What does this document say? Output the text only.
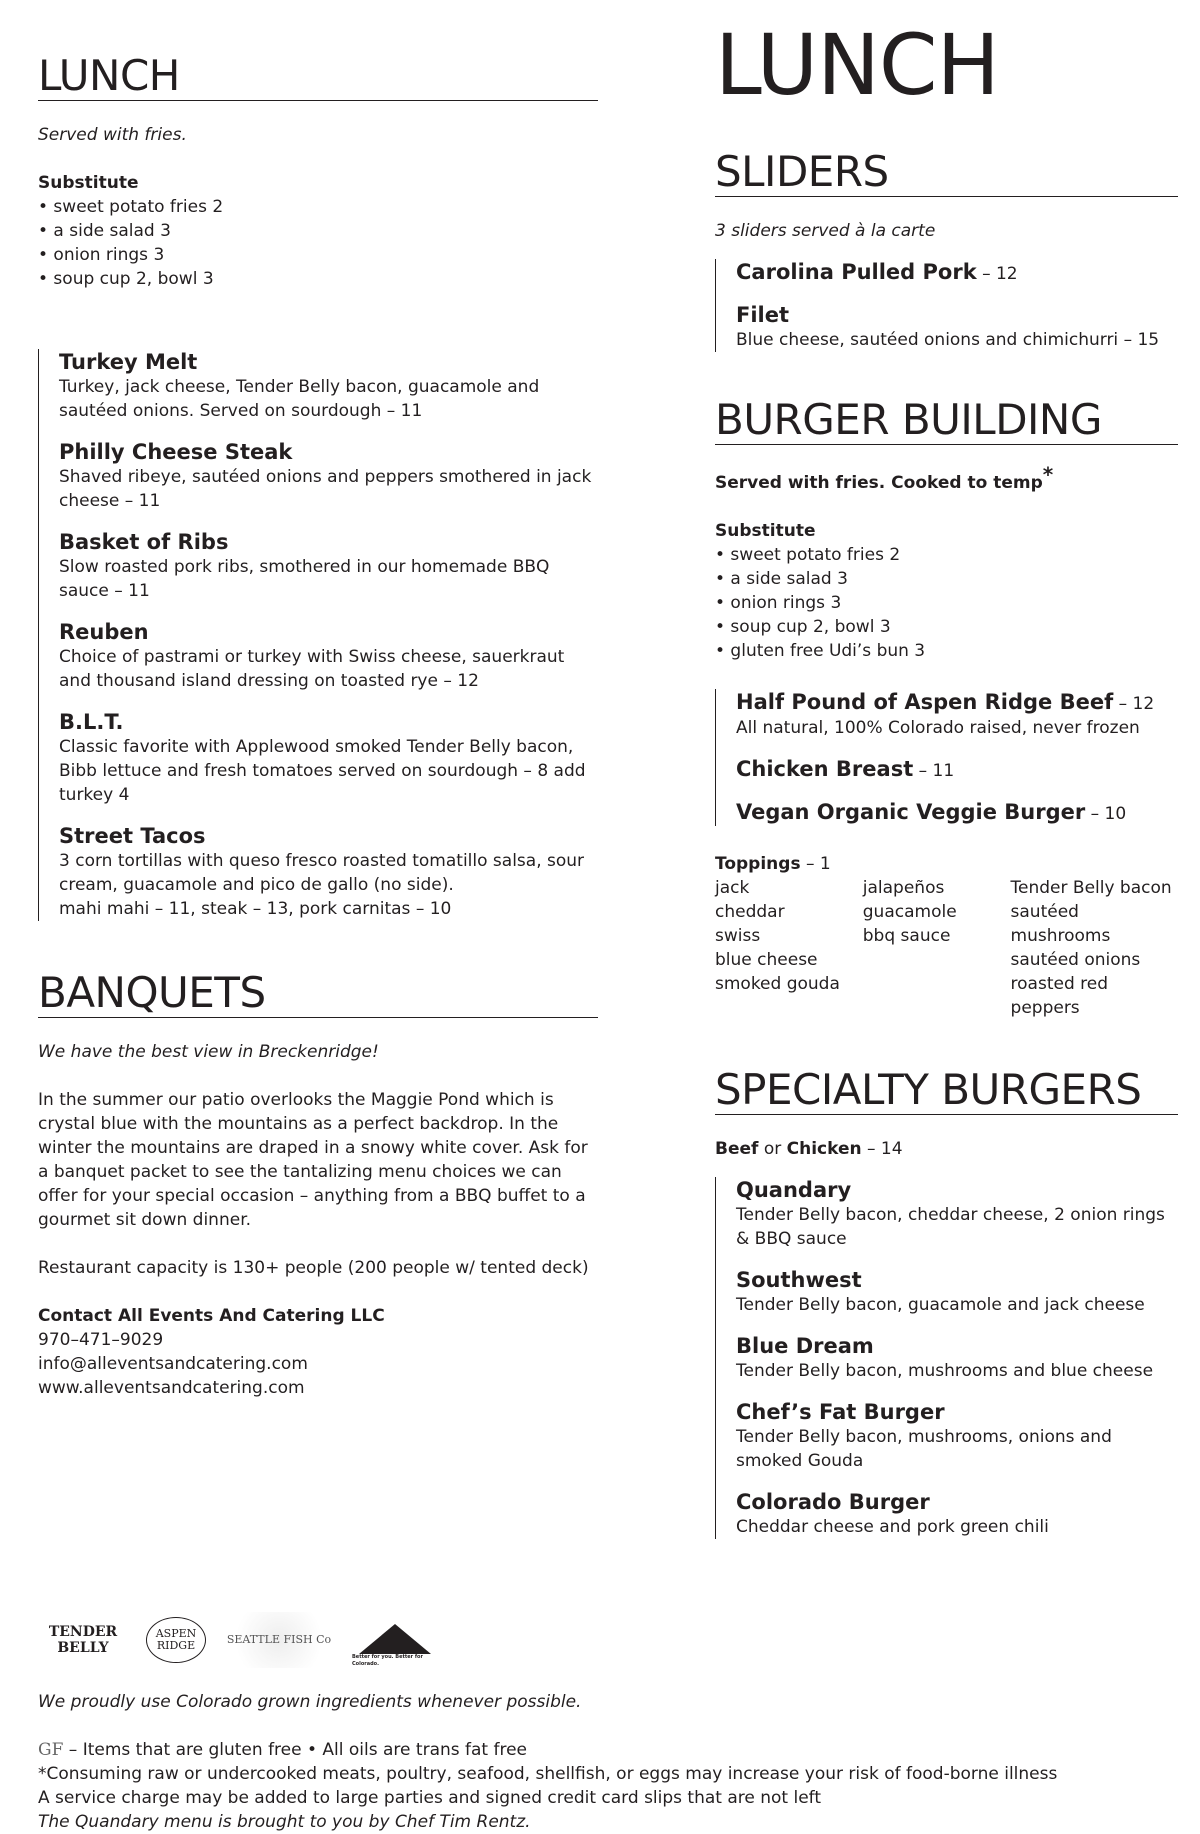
LUNCH

Served with fries.

Substitute

• sweet potato fries 2
• a side salad 3
• onion rings 3
• soup cup 2, bowl 3
Turkey Melt
Turkey, jack cheese, Tender Belly bacon, guacamole and sautéed onions. Served on sourdough – 11
Philly Cheese Steak
Shaved ribeye, sautéed onions and peppers smothered in jack cheese – 11
Basket of Ribs
Slow roasted pork ribs, smothered in our homemade BBQ sauce – 11
Reuben
Choice of pastrami or turkey with Swiss cheese, sauerkraut and thousand island dressing on toasted rye – 12
B.L.T.
Classic favorite with Applewood smoked Tender Belly bacon, Bibb lettuce and fresh tomatoes served on sourdough – 8 add turkey 4
Street Tacos
3 corn tortillas with queso fresco roasted tomatillo salsa, sour cream, guacamole and pico de gallo (no side).
mahi mahi – 11, steak – 13, pork carnitas – 10
BANQUETS

We have the best view in Breckenridge!

In the summer our patio overlooks the Maggie Pond which is crystal blue with the mountains as a perfect backdrop. In the winter the mountains are draped in a snowy white cover. Ask for a banquet packet to see the tantalizing menu choices we can offer for your special occasion – anything from a BBQ buffet to a gourmet sit down dinner.

Restaurant capacity is 130+ people (200 people w/ tented deck)

Contact All Events And Catering LLC

970–471–9029

info@alleventsandcatering.com

www.alleventsandcatering.com

LUNCH
SLIDERS

3 sliders served à la carte

Carolina Pulled Pork – 12
Filet
Blue cheese, sautéed onions and chimichurri – 15
BURGER BUILDING

Served with fries. Cooked to temp*

Substitute

• sweet potato fries 2
• a side salad 3
• onion rings 3
• soup cup 2, bowl 3
• gluten free Udi’s bun 3
Half Pound of Aspen Ridge Beef – 12
All natural, 100% Colorado raised, never frozen
Chicken Breast – 11
Vegan Organic Veggie Burger – 10

Toppings – 1

jack
cheddar
swiss
blue cheese
smoked gouda
jalapeños
guacamole
bbq sauce
Tender Belly bacon
sautéed mushrooms
sautéed onions
roasted red peppers
SPECIALTY BURGERS

Beef or Chicken – 14

Quandary
Tender Belly bacon, cheddar cheese, 2 onion rings & BBQ sauce
Southwest
Tender Belly bacon, guacamole and jack cheese
Blue Dream
Tender Belly bacon, mushrooms and blue cheese
Chef’s Fat Burger
Tender Belly bacon, mushrooms, onions and smoked Gouda
Colorado Burger
Cheddar cheese and pork green chili
TENDER BELLY
ASPEN RIDGE	SEATTLE FISH Co
Better for you. Better for Colorado.

We proudly use Colorado grown ingredients whenever possible.

GF – Items that are gluten free • All oils are trans fat free

*Consuming raw or undercooked meats, poultry, seafood, shellfish, or eggs may increase your risk of food-borne illness

A service charge may be added to large parties and signed credit card slips that are not left

The Quandary menu is brought to you by Chef Tim Rentz.
